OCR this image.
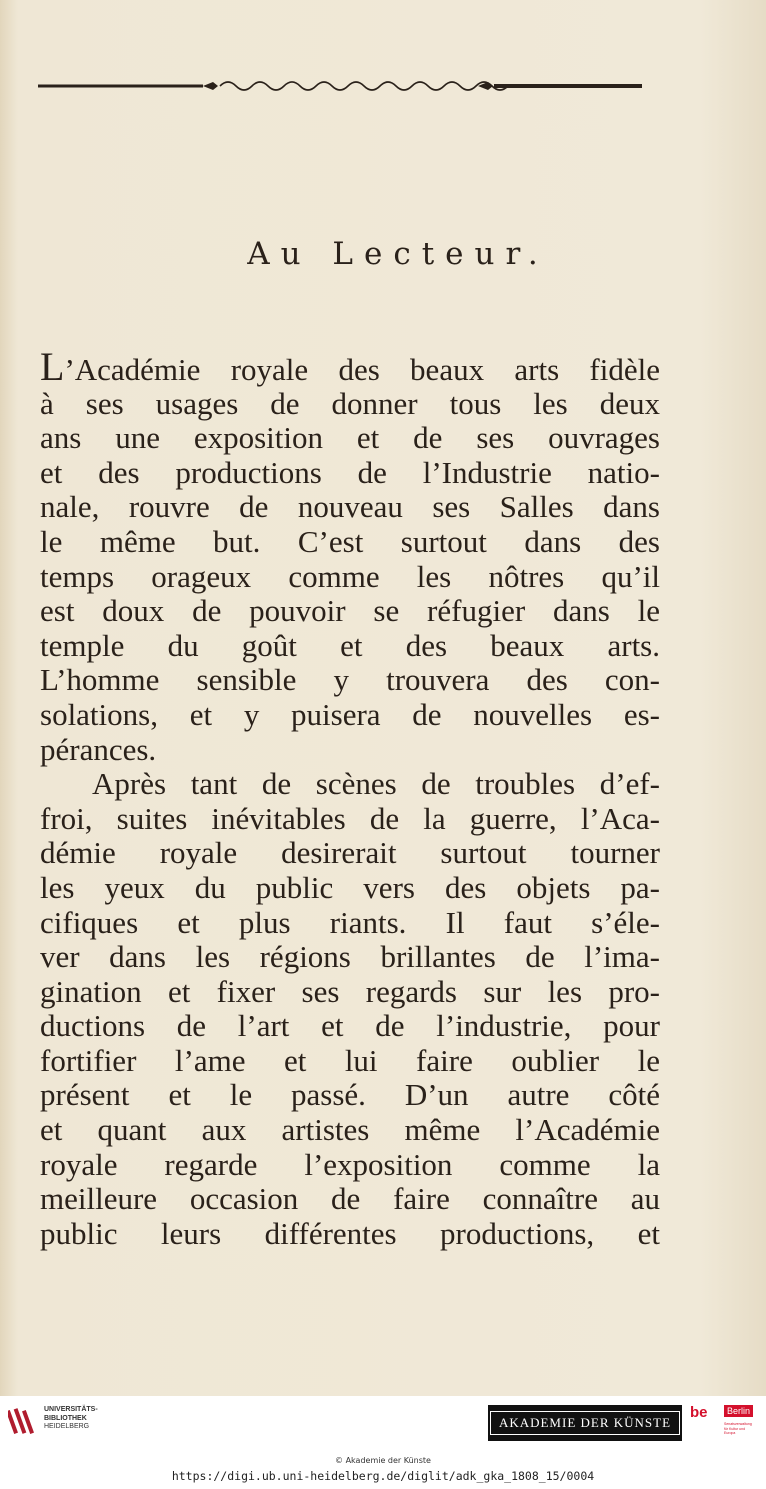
Au Lecteur.
L’Académie royale des beaux arts fidèle
à ses usages de donner tous les deux
ans une exposition et de ses ouvrages
et des productions de l’Industrie natio-
nale, rouvre de nouveau ses Salles dans
le même but. C’est surtout dans des
temps orageux comme les nôtres qu’il
est doux de pouvoir se réfugier dans le
temple du goût et des beaux arts.
L’homme sensible y trouvera des con-
solations, et y puisera de nouvelles es-
pérances.
Après tant de scènes de troubles d’ef-
froi, suites inévitables de la guerre, l’Aca-
démie royale desirerait surtout tourner
les yeux du public vers des objets pa-
cifiques et plus riants. Il faut s’éle-
ver dans les régions brillantes de l’ima-
gination et fixer ses regards sur les pro-
ductions de l’art et de l’industrie, pour
fortifier l’ame et lui faire oublier le
présent et le passé. D’un autre côté
et quant aux artistes même l’Académie
royale regarde l’exposition comme la
meilleure occasion de faire connaître au
public leurs différentes productions, et
UNIVERSITÄTS-
BIBLIOTHEK
HEIDELBERG	AKADEMIE DER KÜNSTE
be	Berlin
Senatsverwaltung für Kultur und Europa
© Akademie der Künste
https://digi.ub.uni-heidelberg.de/diglit/adk_gka_1808_15/0004
